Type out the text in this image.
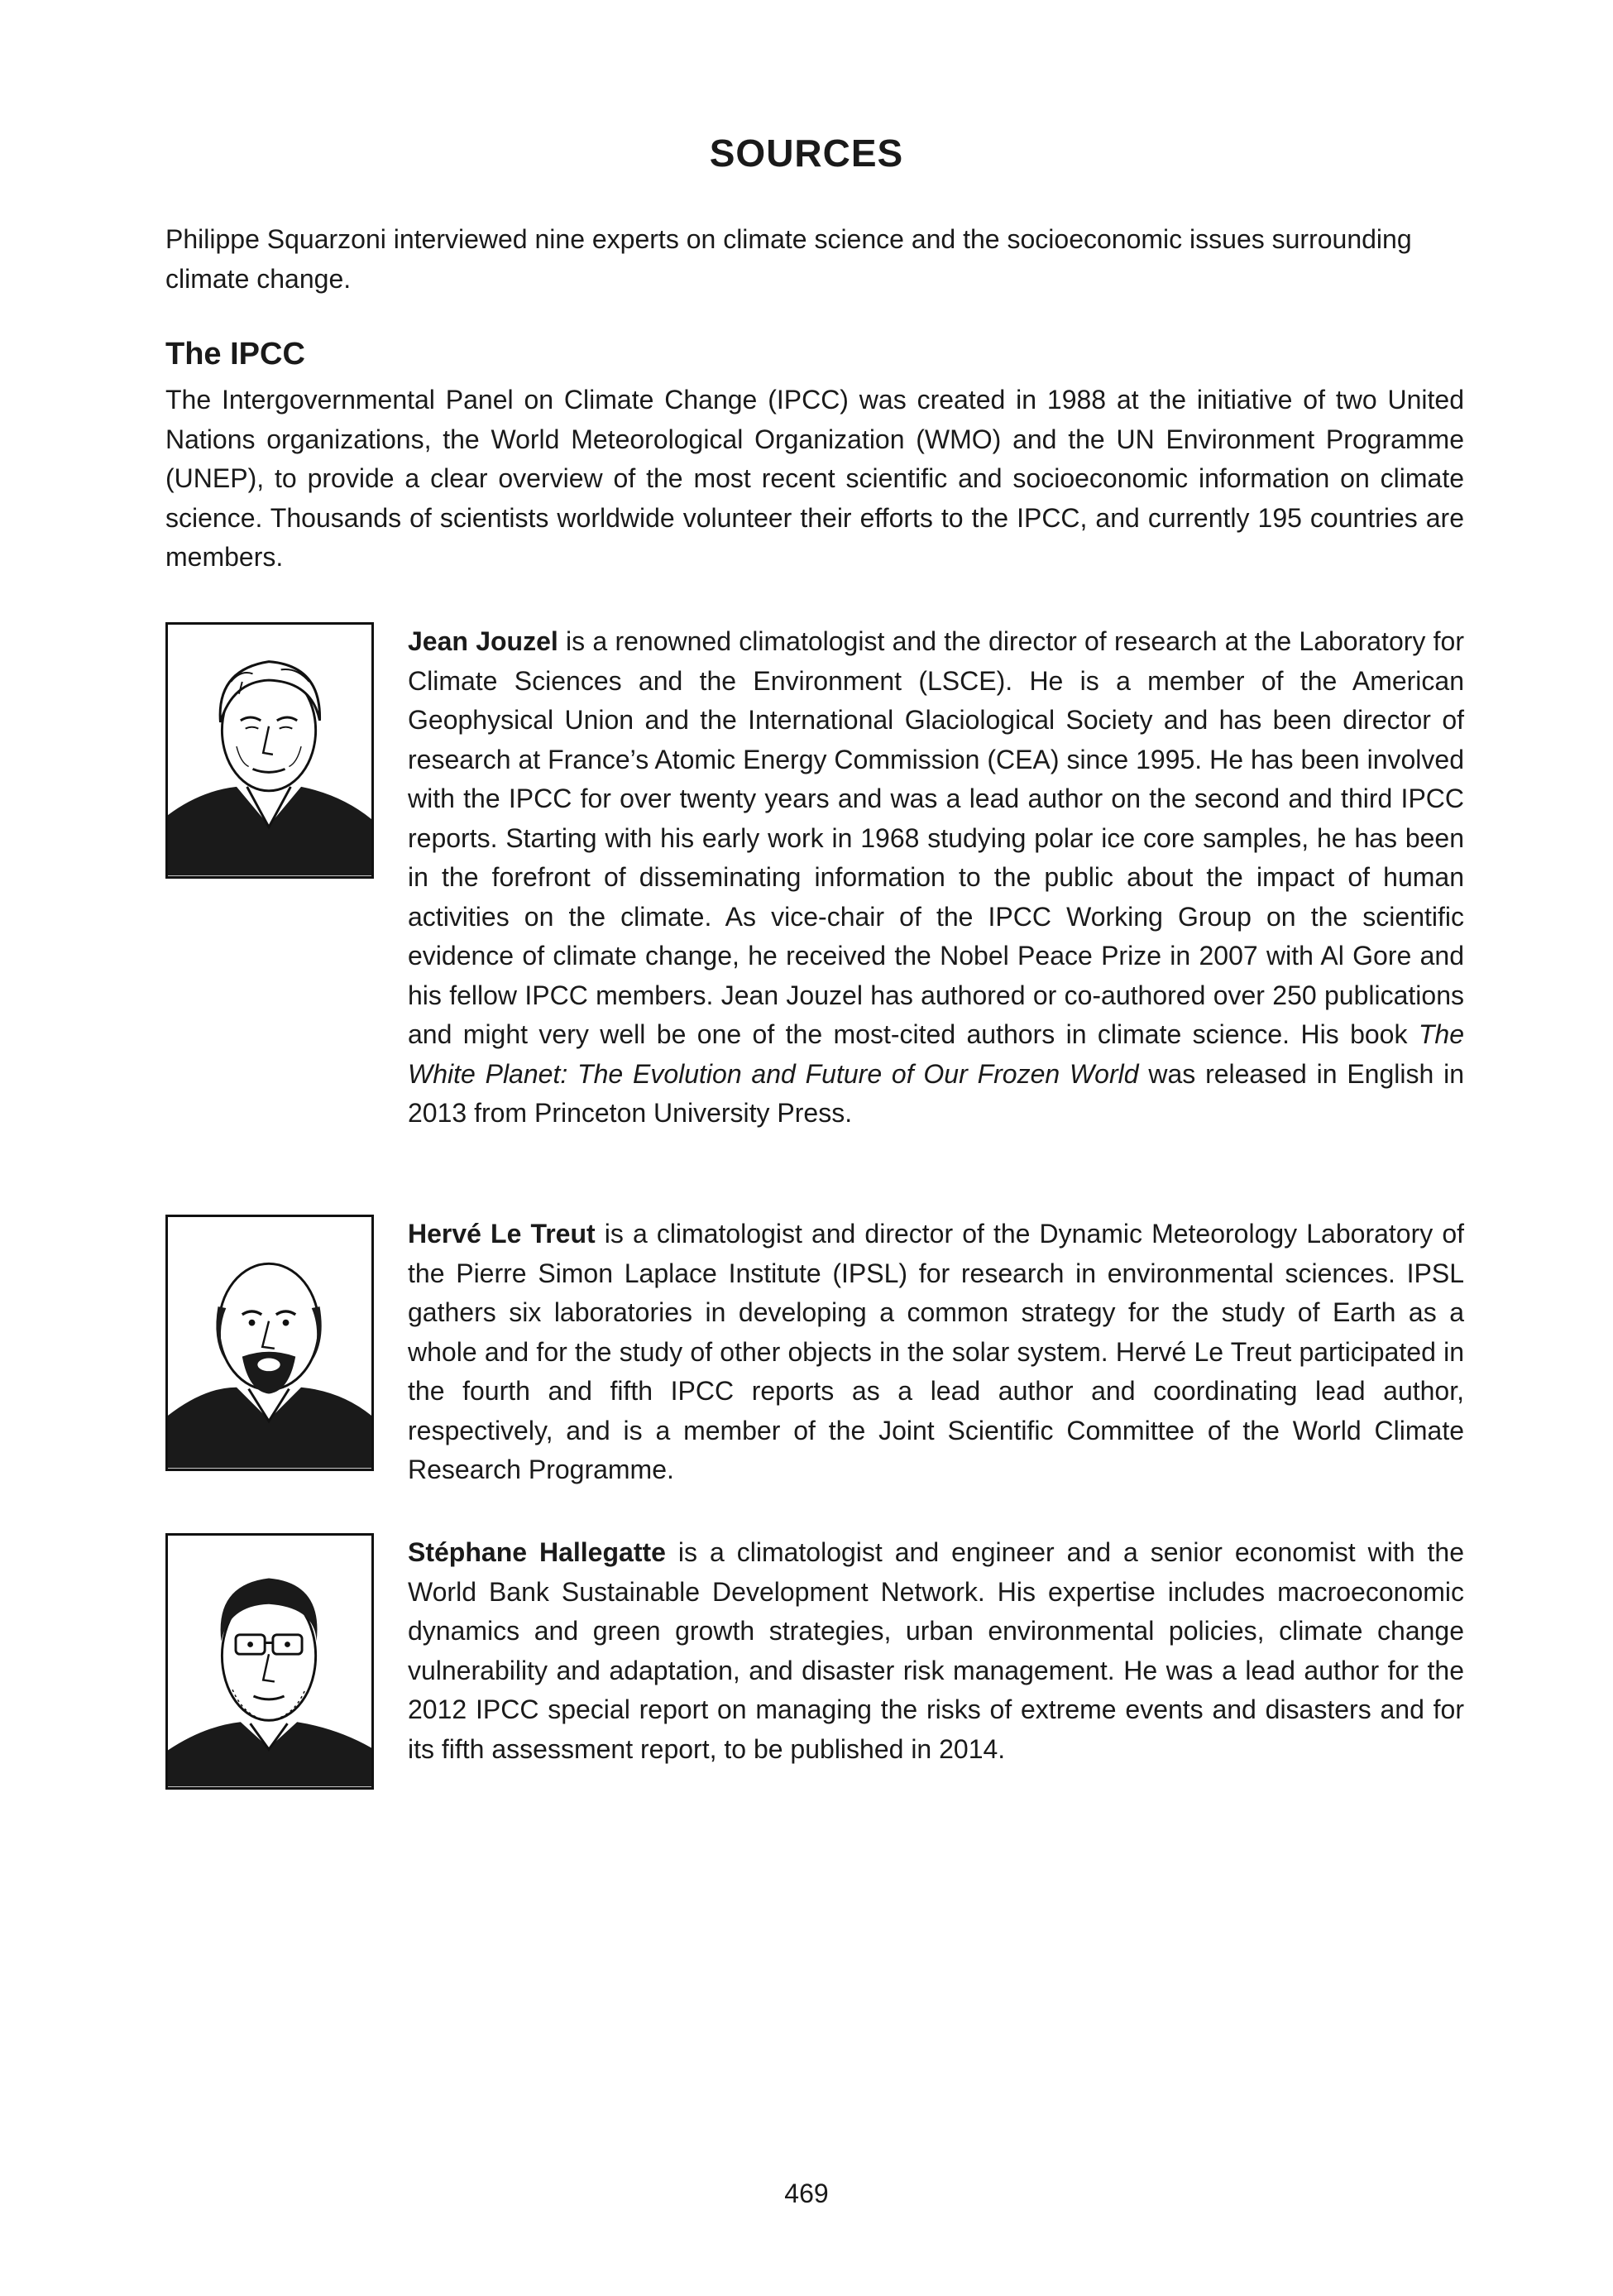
SOURCES

Philippe Squarzoni interviewed nine experts on climate science and the socioeconomic issues surrounding climate change.

The IPCC

The Intergovernmental Panel on Climate Change (IPCC) was created in 1988 at the initiative of two United Nations organizations, the World Meteorological Organization (WMO) and the UN Environment Programme (UNEP), to provide a clear overview of the most recent scientific and socioeconomic information on climate science. Thousands of scientists worldwide volunteer their efforts to the IPCC, and currently 195 countries are members.

Jean Jouzel is a renowned climatologist and the director of research at the Laboratory for Climate Sciences and the Environment (LSCE). He is a member of the American Geophysical Union and the International Glaciological Society and has been director of research at France’s Atomic Energy Commission (CEA) since 1995. He has been involved with the IPCC for over twenty years and was a lead author on the second and third IPCC reports. Starting with his early work in 1968 studying polar ice core samples, he has been in the forefront of disseminating information to the public about the impact of human activities on the climate. As vice-chair of the IPCC Working Group on the scientific evidence of climate change, he received the Nobel Peace Prize in 2007 with Al Gore and his fellow IPCC members. Jean Jouzel has authored or co-authored over 250 publications and might very well be one of the most-cited authors in climate science. His book The White Planet: The Evolution and Future of Our Frozen World was released in English in 2013 from Princeton University Press.

Hervé Le Treut is a climatologist and director of the Dynamic Meteorology Laboratory of the Pierre Simon Laplace Institute (IPSL) for research in environmental sciences. IPSL gathers six laboratories in developing a common strategy for the study of Earth as a whole and for the study of other objects in the solar system. Hervé Le Treut participated in the fourth and fifth IPCC reports as a lead author and coordinating lead author, respectively, and is a member of the Joint Scientific Committee of the World Climate Research Programme.

Stéphane Hallegatte is a climatologist and engineer and a senior economist with the World Bank Sustainable Development Network. His expertise includes macroeconomic dynamics and green growth strategies, urban environmental policies, climate change vulnerability and adaptation, and disaster risk management. He was a lead author for the 2012 IPCC special report on managing the risks of extreme events and disasters and for its fifth assessment report, to be published in 2014.

469
